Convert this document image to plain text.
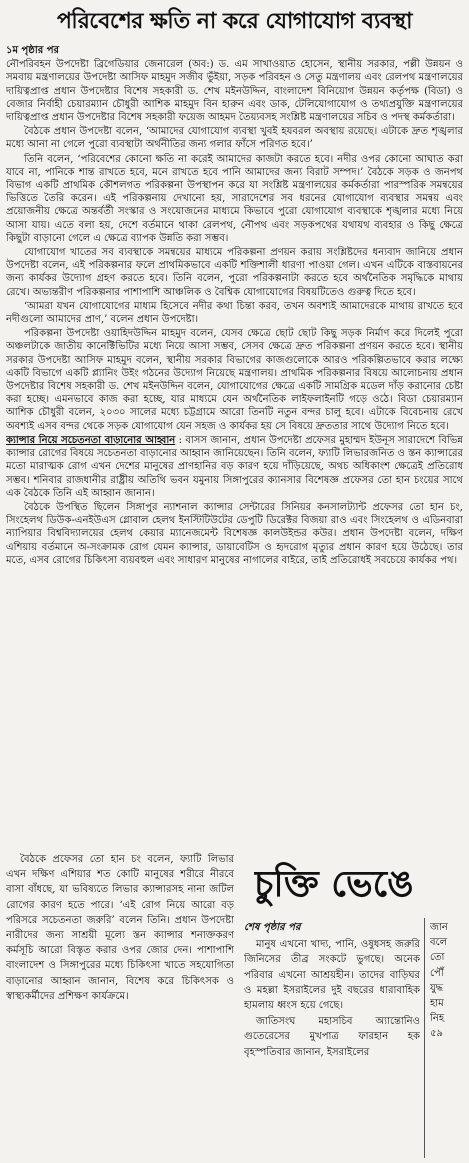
পরিবেশের ক্ষতি না করে যোগাযোগ ব্যবস্থা
১ম পৃষ্ঠার পর

নৌপরিবহন উপদেষ্টা ব্রিগেডিয়ার জেনারেল (অব:) ড. এম সাখাওয়াত হোসেন, স্থানীয় সরকার, পল্লী উন্নয়ন ও সমবায় মন্ত্রণালয়ের উপদেষ্টা আসিফ মাহমুদ সজীব ভুঁইয়া, সড়ক পরিবহন ও সেতু মন্ত্রণালয় এবং রেলপথ মন্ত্রণালয়ের দায়িত্বপ্রাপ্ত প্রধান উপদেষ্টার বিশেষ সহকারী ড. শেখ মইনউদ্দিন, বাংলাদেশ বিনিয়োগ উন্নয়ন কর্তৃপক্ষ (বিডা) ও বেজার নির্বাহী চেয়ারম্যান চৌধুরী আশিক মাহমুদ বিন হারুন এবং ডাক, টেলিযোগাযোগ ও তথ্যপ্রযুক্তি মন্ত্রণালয়ের দায়িত্বপ্রাপ্ত প্রধান উপদেষ্টার বিশেষ সহকারী ফয়েজ আহমদ তৈয়্যবসহ সংশ্লিষ্ট মন্ত্রণালয়ের সচিব ও পদস্থ কর্মকর্তারা।

বৈঠকে প্রধান উপদেষ্টা বলেন, ‘আমাদের যোগাযোগ ব্যবস্থা খুবই হযবরল অবস্থায় রয়েছে। এটাকে দ্রুত শৃঙ্খলার মধ্যে আনা না গেলে পুরো ব্যবস্থাটা অর্থনীতির জন্য গলার ফাঁসে পরিণত হবে।’

তিনি বলেন, ‘পরিবেশের কোনো ক্ষতি না করেই আমাদের কাজটা করতে হবে। নদীর ওপর কোনো আঘাত করা যাবে না, পানিকে শান্ত রাখতে হবে, মনে রাখতে হবে পানি আমাদের জন্য বিরাট সম্পদ।’ বৈঠকে সড়ক ও জনপথ বিভাগ একটি প্রাথমিক কৌশলগত পরিকল্পনা উপস্থাপন করে যা সংশ্লিষ্ট মন্ত্রণালয়ের কর্মকর্তারা পারস্পরিক সমন্বয়ের ভিত্তিতে তৈরি করেন। এই পরিকল্পনায় দেখানো হয়, সারাদেশের সব ধরনের যোগাযোগ ব্যবস্থার সমন্বয় এবং প্রয়োজনীয় ক্ষেত্রে অন্তর্বর্তী সংস্কার ও সংযোজনের মাধ্যমে কিভাবে পুরো যোগাযোগ ব্যবস্থাকে শৃঙ্খলার মধ্যে নিয়ে আসা যায়। এতে বলা হয়, দেশে বর্তমানে থাকা রেলপথ, নৌপথ এবং সড়কপথের যথাযথ ব্যবহার ও কিছু ক্ষেত্রে কিছুটা বাড়ানো গেলে এ ক্ষেত্রে ব্যাপক উন্নতি করা সম্ভব।

যোগাযোগ খাতের সব ব্যবস্থাকে সমন্বয়ের মাধ্যমে পরিকল্পনা প্রণয়ন করায় সংশ্লিষ্টদের ধন্যবাদ জানিয়ে প্রধান উপদেষ্টা বলেন, এই পরিকল্পনার ফলে প্রাথমিকভাবে একটি শক্তিশালী ধারণা পাওয়া গেল। এখন এটিকে বাস্তবায়নের জন্য কার্যকর উদ্যোগ গ্রহণ করতে হবে। তিনি বলেন, পুরো পরিকল্পনাটা করতে হবে অর্থনৈতিক সমৃদ্ধিকে মাথায় রেখে। অভ্যন্তরীণ পরিকল্পনার পাশাপাশি আঞ্চলিক ও বৈশ্বিক যোগাযোগের বিষয়টিতেও গুরুত্ব দিতে হবে।

‘আমরা যখন যোগাযোগের মাধ্যম হিসেবে নদীর কথা চিন্তা করব, তখন অবশ্যই আমাদেরকে মাথায় রাখতে হবে নদীগুলো আমাদের প্রাণ,’ বলেন প্রধান উপদেষ্টা।

পরিকল্পনা উপদেষ্টা ওয়াহিদউদ্দিন মাহমুদ বলেন, যেসব ক্ষেত্রে ছোট ছোট কিছু সড়ক নির্মাণ করে দিলেই পুরো অঞ্চলটাকে জাতীয় কানেক্টিভিটির মধ্যে নিয়ে আসা সম্ভব, সেসব ক্ষেত্রে দ্রুত পরিকল্পনা প্রণয়ন করতে হবে। স্থানীয় সরকার উপদেষ্টা আসিফ মাহমুদ বলেন, স্থানীয় সরকার বিভাগের কাজগুলোকে আরও পরিকল্পিতভাবে করার লক্ষ্যে একটি বিভাগে একটি প্ল্যানিং উইং গঠনের উদ্যোগ নিয়েছে মন্ত্রণালয়। প্রাথমিক পরিকল্পনার বিষয়ে আলোচনায় প্রধান উপদেষ্টার বিশেষ সহকারী ড. শেখ মইনউদ্দিন বলেন, যোগাযোগের ক্ষেত্রে একটি সামগ্রিক মডেল দাঁড় করানোর চেষ্টা করা হচ্ছে। এমনভাবে কাজ করা হচ্ছে, যার মাধ্যমে যেন অর্থনৈতিক লাইফলাইনটি গড়ে ওঠে। বিডা চেয়ারম্যান আশিক চৌধুরী বলেন, ২০৩০ সালের মধ্যে চট্টগ্রামে আরো তিনটি নতুন বন্দর চালু হবে। এটাকে বিবেচনায় রেখে অবশ্যই এসব বন্দর থেকে সড়ক যোগাযোগ যেন সহজ ও কার্যকর হয় সে বিষয়ে দ্রুততার সাথে উদ্যোগ নিতে হবে।

ক্যান্সার নিয়ে সচেতনতা বাড়ানোর আহ্বান : বাসস জানান, প্রধান উপদেষ্টা প্রফেসর মুহাম্মদ ইউনূস সারাদেশে বিভিন্ন ক্যান্সার রোগের বিষয়ে সচেতনতা বাড়ানোর আহ্বান জানিয়েছেন। তিনি বলেন, ফ্যাটি লিভারজনিত ও স্তন ক্যান্সারের মতো মারাত্মক রোগ এখন দেশের মানুষের প্রাণহানির বড় কারণ হয়ে দাঁড়িয়েছে, অথচ অধিকাংশ ক্ষেত্রেই প্রতিরোধ সম্ভব। শনিবার রাজধানীর রাষ্ট্রীয় অতিথি ভবন যমুনায় সিঙ্গাপুরের ক্যানসার বিশেষজ্ঞ প্রফেসর তো হান চংয়ের সাথে এক বৈঠকে তিনি এই আহ্বান জানান।

বৈঠকে উপস্থিত ছিলেন সিঙ্গাপুর ন্যাশনাল ক্যান্সার সেন্টারের সিনিয়র কনসালট্যান্ট প্রফেসর তো হান চং, সিংহেলথ ডিউক-এনইউএস গ্লোবাল হেলথ ইনস্টিটিউটের ডেপুটি ডিরেক্টর বিজয়া রাও এবং সিংহেলথ ও এডিনবারা ন্যাপিয়ার বিশ্ববিদ্যালয়ের হেলথ কেয়ার ম্যানেজমেন্ট বিশেষজ্ঞ কালউইন্ডর কউর। প্রধান উপদেষ্টা বলেন, দক্ষিণ এশিয়ায় বর্তমানে অ-সংক্রামক রোগ যেমন ক্যান্সার, ডায়াবেটিস ও হৃদরোগ মৃত্যুর প্রধান কারণ হয়ে উঠেছে। তার মতে, এসব রোগের চিকিৎসা ব্যয়বহুল এবং সাধারণ মানুষের নাগালের বাইরে, তাই প্রতিরোধই সবচেয়ে কার্যকর পথ।

বৈঠকে প্রফেসর তো হান চং বলেন, ফ্যাটি লিভার এখন দক্ষিণ এশিয়ার শত কোটি মানুষের শরীরে নীরবে বাসা বাঁধছে, যা ভবিষ্যতে লিভার ক্যান্সারসহ নানা জটিল রোগের কারণ হতে পারে। ‘এই রোগ নিয়ে আরো বড় পরিসরে সচেতনতা জরুরি’ বলেন তিনি। প্রধান উপদেষ্টা নারীদের জন্য সাশ্রয়ী মূল্যে স্তন ক্যান্সার শনাক্তকরণ কর্মসূচি আরো বিস্তৃত করার ওপর জোর দেন। পাশাপাশি বাংলাদেশ ও সিঙ্গাপুরের মধ্যে চিকিৎসা খাতে সহযোগিতা বাড়ানোর আহ্বান জানান, বিশেষ করে চিকিৎসক ও স্বাস্থ্যকর্মীদের প্রশিক্ষণ কার্যক্রমে।

চুক্তি ভেঙে
শেষ পৃষ্ঠার পর

মানুষ এখনো খাদ্য, পানি, ওষুধসহ জরুরি জিনিসের তীব্র সংকটে ভুগছে। অনেক পরিবার এখনো আশ্রয়হীন। তাদের বাড়িঘর ও মহল্লা ইসরাইলের দুই বছরের ধারাবাহিক হামলায় ধ্বংস হয়ে গেছে।

জাতিসংঘ মহাসচিব অ্যান্তোনিও গুতেরেসের মুখপাত্র ফারহান হক বৃহস্পতিবার জানান, ইসরাইলের

জান
বলে
তো
পৌঁ
যুদ্ধ
হাম
নিহ
৫৯
